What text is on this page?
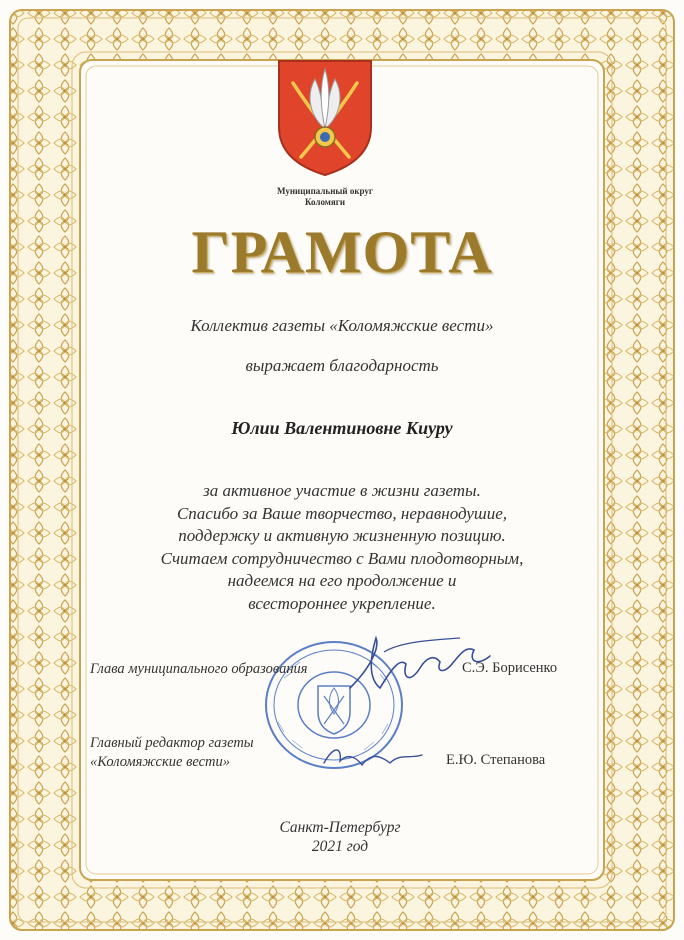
Муниципальный округ
Коломяги
ГРАМОТА
Коллектив газеты «Коломяжские вести»
выражает благодарность
Юлии Валентиновне Киуру
за активное участие в жизни газеты.
Спасибо за Ваше творчество, неравнодушие,
поддержку и активную жизненную позицию.
Считаем сотрудничество с Вами плодотворным,
надеемся на его продолжение и
всестороннее укрепление.
Глава муниципального образования	С.Э. Борисенко
Главный редактор газеты
«Коломяжские вести»	Е.Ю. Степанова
Санкт-Петербург
2021 год
